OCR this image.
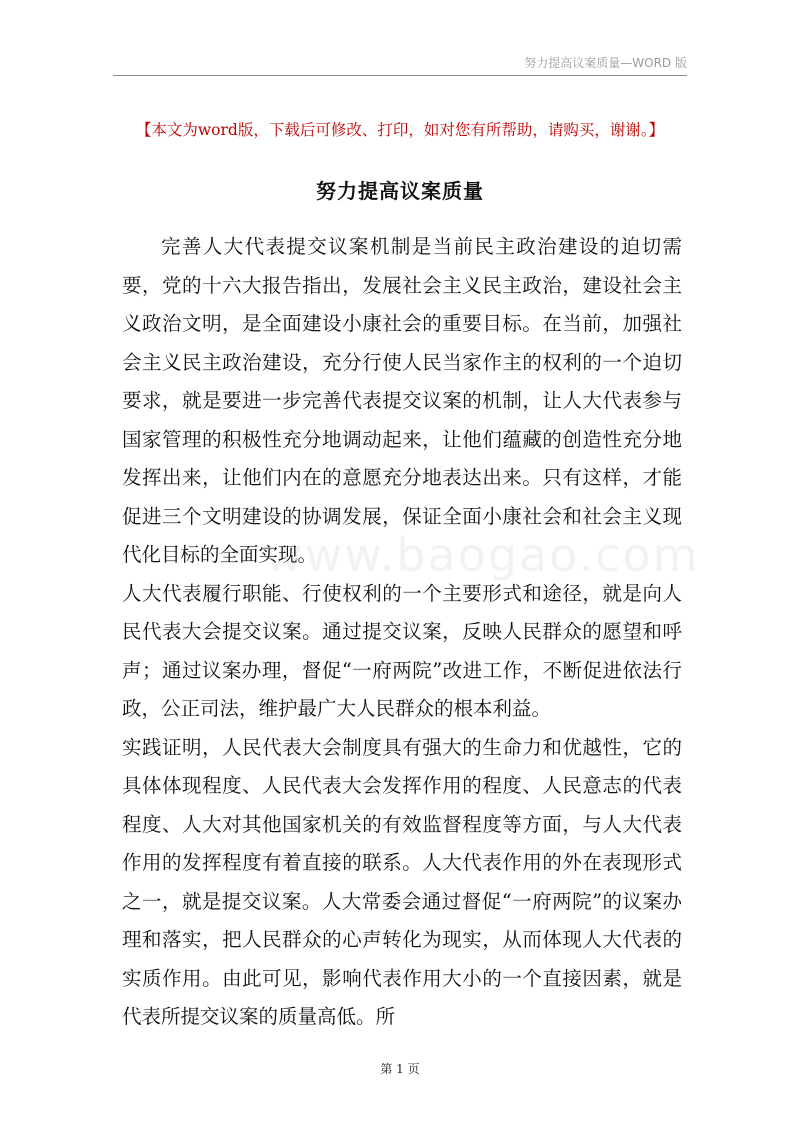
努力提高议案质量—WORD 版
【本文为word版，下载后可修改、打印，如对您有所帮助，请购买，谢谢。】
努力提高议案质量
www.baogao.com

完善人大代表提交议案机制是当前民主政治建设的迫切需要，党的十六大报告指出，发展社会主义民主政治，建设社会主义政治文明，是全面建设小康社会的重要目标。在当前，加强社会主义民主政治建设，充分行使人民当家作主的权利的一个迫切要求，就是要进一步完善代表提交议案的机制，让人大代表参与国家管理的积极性充分地调动起来，让他们蕴藏的创造性充分地发挥出来，让他们内在的意愿充分地表达出来。只有这样，才能促进三个文明建设的协调发展，保证全面小康社会和社会主义现代化目标的全面实现。

人大代表履行职能、行使权利的一个主要形式和途径，就是向人民代表大会提交议案。通过提交议案，反映人民群众的愿望和呼声；通过议案办理，督促“一府两院”改进工作，不断促进依法行政，公正司法，维护最广大人民群众的根本利益。

实践证明，人民代表大会制度具有强大的生命力和优越性，它的具体体现程度、人民代表大会发挥作用的程度、人民意志的代表程度、人大对其他国家机关的有效监督程度等方面，与人大代表作用的发挥程度有着直接的联系。人大代表作用的外在表现形式之一，就是提交议案。人大常委会通过督促“一府两院”的议案办理和落实，把人民群众的心声转化为现实，从而体现人大代表的实质作用。由此可见，影响代表作用大小的一个直接因素，就是代表所提交议案的质量高低。所

第 1 页
